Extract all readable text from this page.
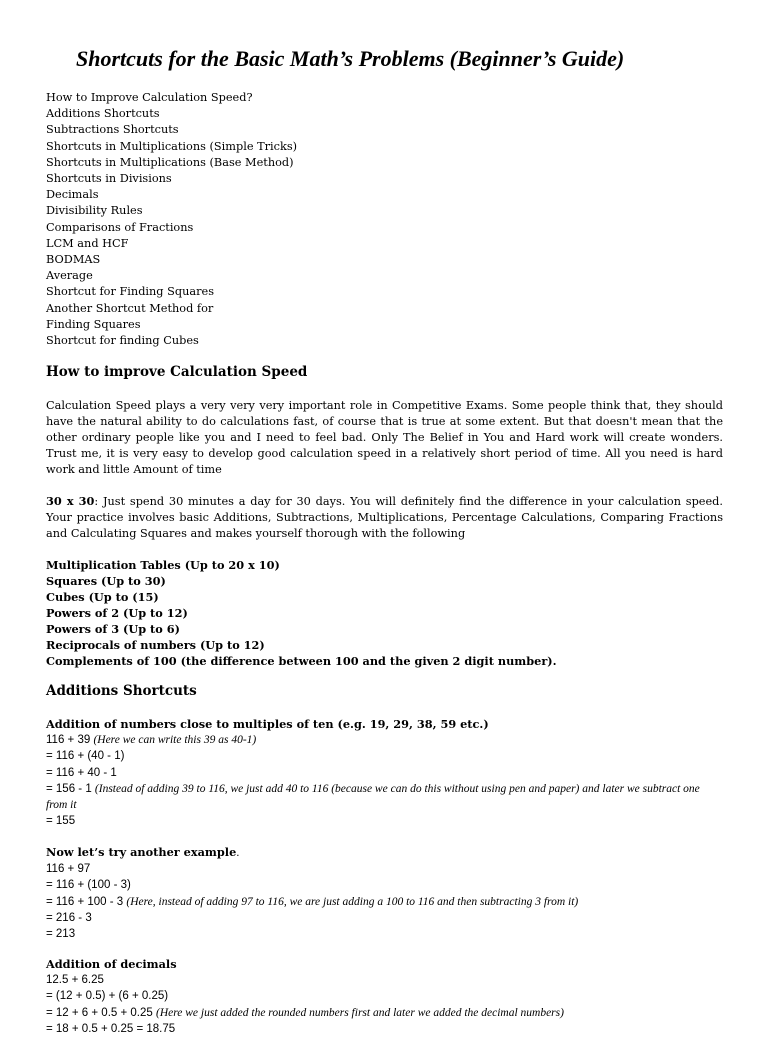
Shortcuts for the Basic Math’s Problems (Beginner’s Guide)
How to Improve Calculation Speed?
Additions Shortcuts
Subtractions Shortcuts
Shortcuts in Multiplications (Simple Tricks)
Shortcuts in Multiplications (Base Method)
Shortcuts in Divisions
Decimals
Divisibility Rules
Comparisons of Fractions
LCM and HCF
BODMAS
Average
Shortcut for Finding Squares
Another Shortcut Method for
Finding Squares
Shortcut for finding Cubes
How to improve Calculation Speed

Calculation Speed plays a very very very important role in Competitive Exams. Some people think that, they should have the natural ability to do calculations fast, of course that is true at some extent. But that doesn't mean that the other ordinary people like you and I need to feel bad. Only The Belief in You and Hard work will create wonders. Trust me, it is very easy to develop good calculation speed in a relatively short period of time. All you need is hard work and little Amount of time

30 x 30: Just spend 30 minutes a day for 30 days. You will definitely find the difference in your calculation speed. Your practice involves basic Additions, Subtractions, Multiplications, Percentage Calculations, Comparing Fractions and Calculating Squares and makes yourself thorough with the following

Multiplication Tables (Up to 20 x 10)
Squares (Up to 30)
Cubes (Up to (15)
Powers of 2 (Up to 12)
Powers of 3 (Up to 6)
Reciprocals of numbers (Up to 12)
Complements of 100 (the difference between 100 and the given 2 digit number).
Additions Shortcuts
Addition of numbers close to multiples of ten (e.g. 19, 29, 38, 59 etc.)
116 + 39 (Here we can write this 39 as 40-1)
= 116 + (40 - 1)
= 116 + 40 - 1
= 156 - 1 (Instead of adding 39 to 116, we just add 40 to 116 (because we can do this without using pen and paper) and later we subtract one from it
= 155
Now let’s try another example.
116 + 97
= 116 + (100 - 3)
= 116 + 100 - 3 (Here, instead of adding 97 to 116, we are just adding a 100 to 116 and then subtracting 3 from it)
= 216 - 3
= 213
Addition of decimals
12.5 + 6.25
= (12 + 0.5) + (6 + 0.25)
= 12 + 6 + 0.5 + 0.25 (Here we just added the rounded numbers first and later we added the decimal numbers)
= 18 + 0.5 + 0.25 = 18.75
